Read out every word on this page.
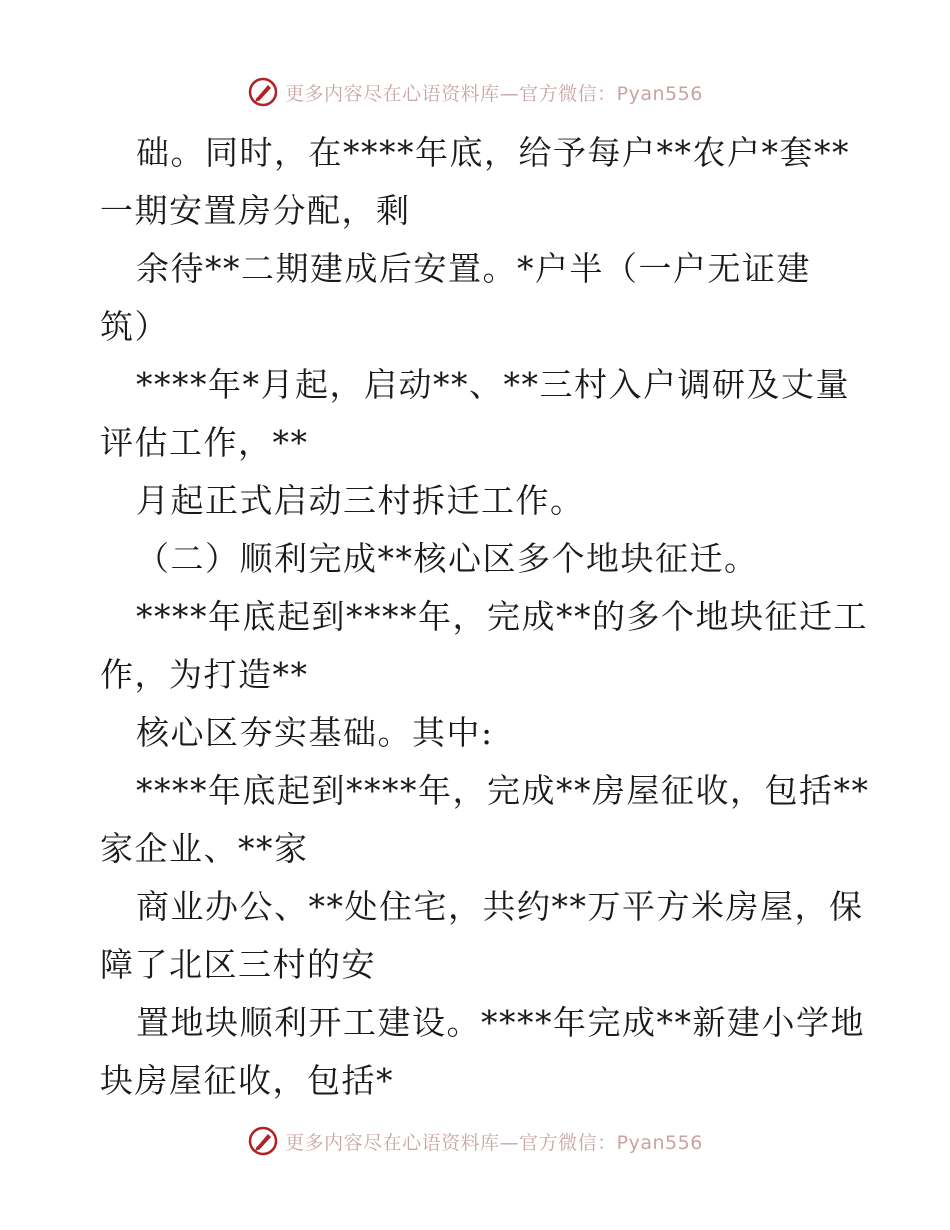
更多内容尽在心语资料库—官方微信：Pyan556
础。同时，在****年底，给予每户**农户*套**
一期安置房分配，剩
余待**二期建成后安置。*户半（一户无证建
筑）
****年*月起，启动**、**三村入户调研及丈量
评估工作，**
月起正式启动三村拆迁工作。
（二）顺利完成**核心区多个地块征迁。
****年底起到****年，完成**的多个地块征迁工
作，为打造**
核心区夯实基础。其中:
****年底起到****年，完成**房屋征收，包括**
家企业、**家
商业办公、**处住宅，共约**万平方米房屋，保
障了北区三村的安
置地块顺利开工建设。****年完成**新建小学地
块房屋征收，包括*
更多内容尽在心语资料库—官方微信：Pyan556
